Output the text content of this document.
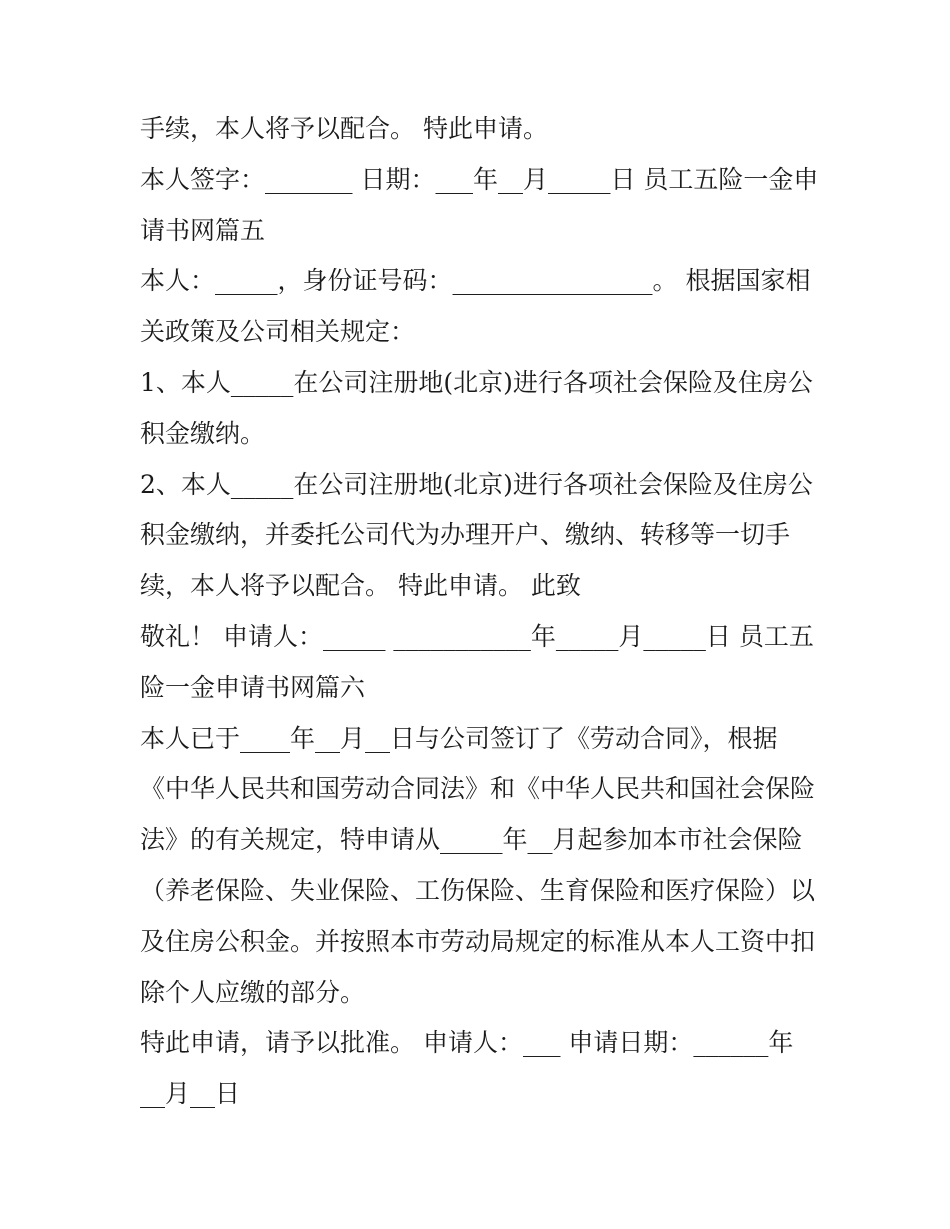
手续，本人将予以配合。 特此申请。
本人签字：_______ 日期：___年__月_____日 员工五险一金申
请书网篇五
本人：_____，身份证号码：________________。 根据国家相
关政策及公司相关规定：
1、本人_____在公司注册地(北京)进行各项社会保险及住房公
积金缴纳。
2、本人_____在公司注册地(北京)进行各项社会保险及住房公
积金缴纳，并委托公司代为办理开户、缴纳、转移等一切手
续，本人将予以配合。 特此申请。 此致
敬礼！ 申请人：_____ ___________年_____月_____日 员工五
险一金申请书网篇六
本人已于____年__月__日与公司签订了《劳动合同》，根据
《中华人民共和国劳动合同法》和《中华人民共和国社会保险
法》的有关规定，特申请从_____年__月起参加本市社会保险
（养老保险、失业保险、工伤保险、生育保险和医疗保险）以
及住房公积金。并按照本市劳动局规定的标准从本人工资中扣
除个人应缴的部分。
特此申请，请予以批准。 申请人：___ 申请日期：______年
__月__日
